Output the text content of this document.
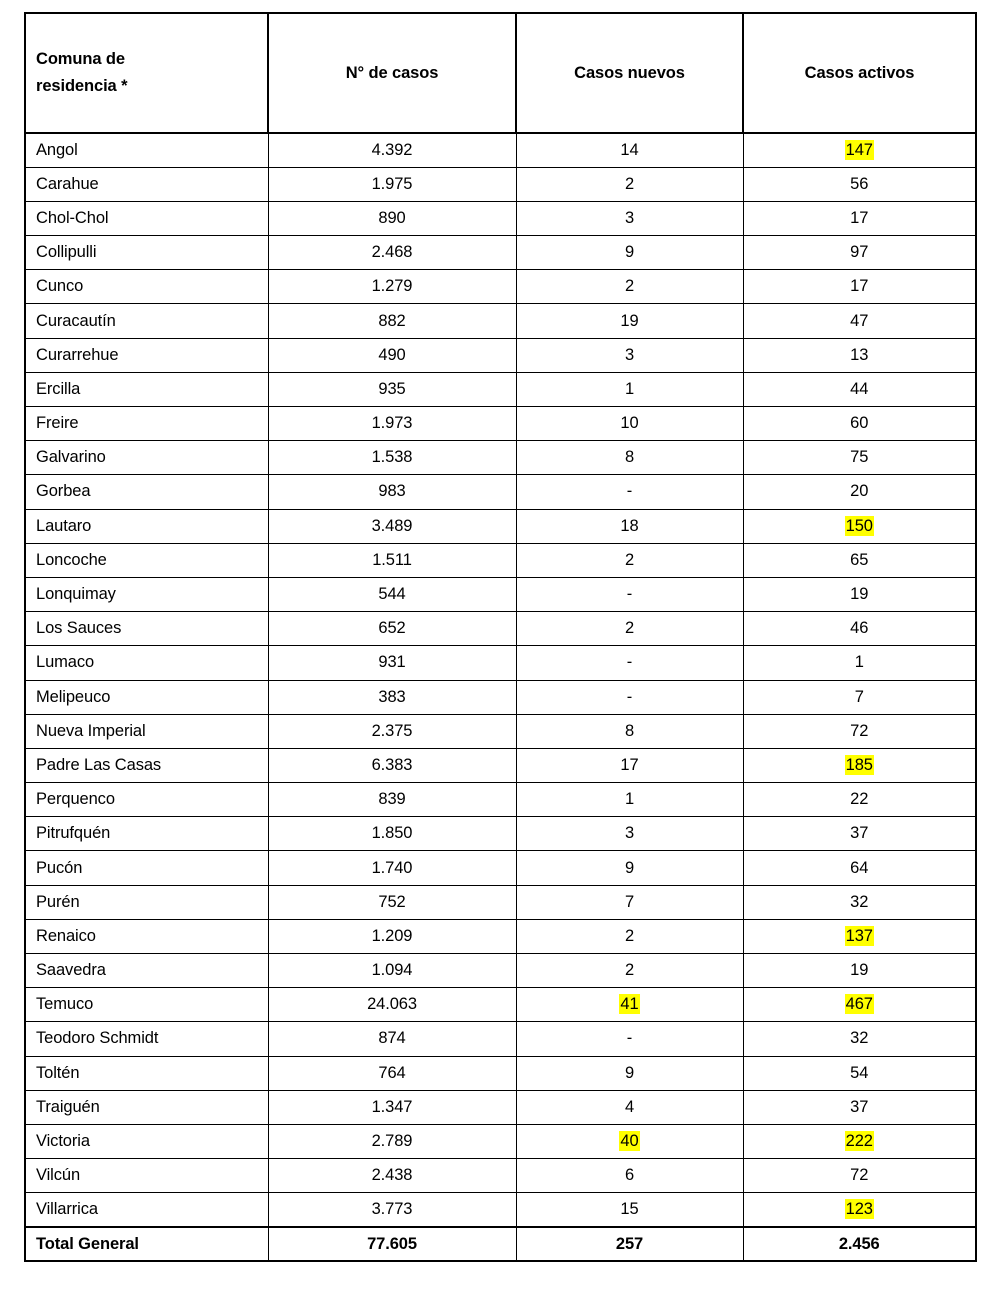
Comuna de
residencia *	N° de casos	Casos nuevos	Casos activos
Angol	4.392	14	147
Carahue	1.975	2	56
Chol-Chol	890	3	17
Collipulli	2.468	9	97
Cunco	1.279	2	17
Curacautín	882	19	47
Curarrehue	490	3	13
Ercilla	935	1	44
Freire	1.973	10	60
Galvarino	1.538	8	75
Gorbea	983	-	20
Lautaro	3.489	18	150
Loncoche	1.511	2	65
Lonquimay	544	-	19
Los Sauces	652	2	46
Lumaco	931	-	1
Melipeuco	383	-	7
Nueva Imperial	2.375	8	72
Padre Las Casas	6.383	17	185
Perquenco	839	1	22
Pitrufquén	1.850	3	37
Pucón	1.740	9	64
Purén	752	7	32
Renaico	1.209	2	137
Saavedra	1.094	2	19
Temuco	24.063	41	467
Teodoro Schmidt	874	-	32
Toltén	764	9	54
Traiguén	1.347	4	37
Victoria	2.789	40	222
Vilcún	2.438	6	72
Villarrica	3.773	15	123
Total General	77.605	257	2.456
